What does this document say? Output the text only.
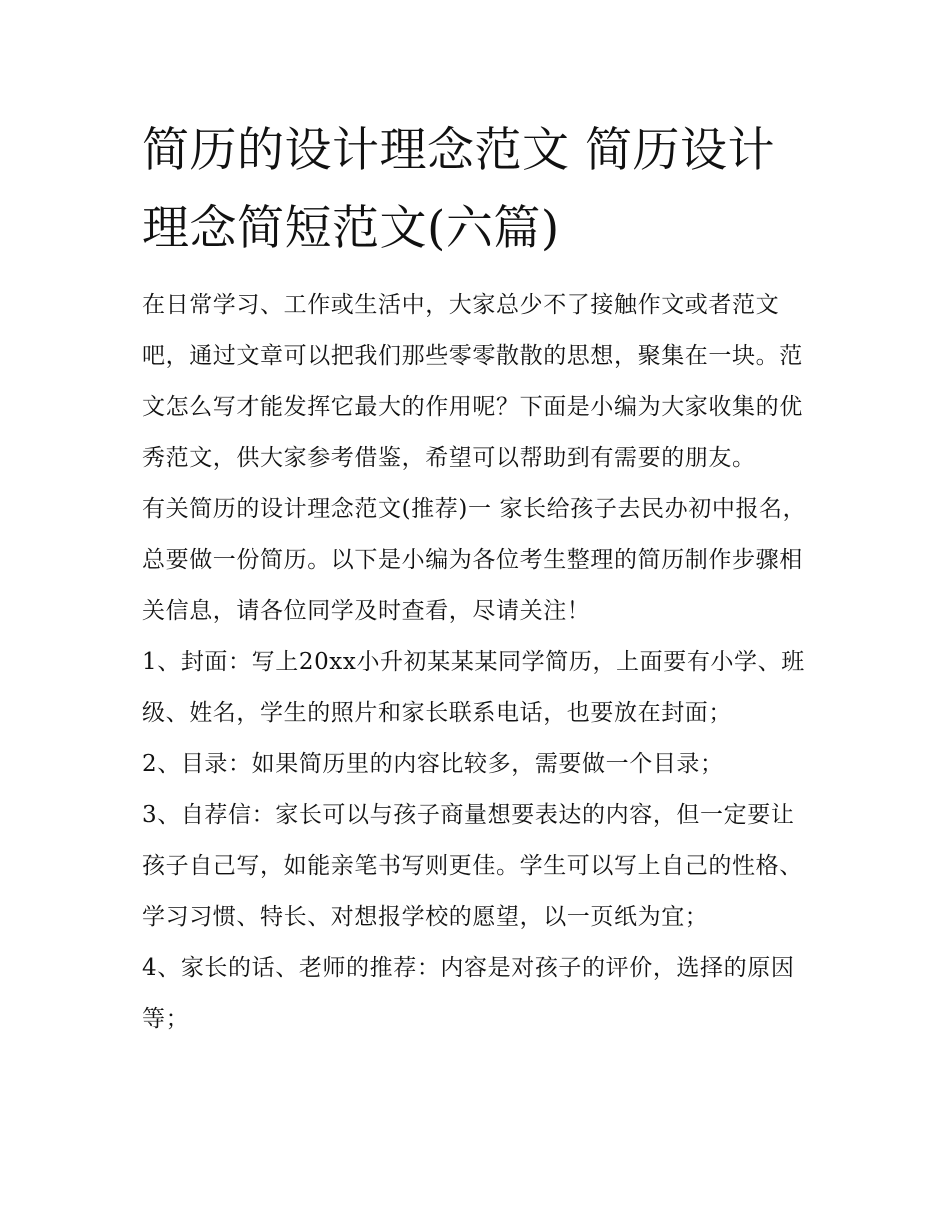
简历的设计理念范文 简历设计
理念简短范文(六篇)

在日常学习、工作或生活中，大家总少不了接触作文或者范文吧，通过文章可以把我们那些零零散散的思想，聚集在一块。范文怎么写才能发挥它最大的作用呢？下面是小编为大家收集的优秀范文，供大家参考借鉴，希望可以帮助到有需要的朋友。

有关简历的设计理念范文(推荐)一 家长给孩子去民办初中报名，总要做一份简历。以下是小编为各位考生整理的简历制作步骤相关信息，请各位同学及时查看，尽请关注！

1、封面：写上20xx小升初某某某同学简历，上面要有小学、班级、姓名，学生的照片和家长联系电话，也要放在封面；

2、目录：如果简历里的内容比较多，需要做一个目录；

3、自荐信：家长可以与孩子商量想要表达的内容，但一定要让孩子自己写，如能亲笔书写则更佳。学生可以写上自己的性格、学习习惯、特长、对想报学校的愿望，以一页纸为宜；

4、家长的话、老师的推荐：内容是对孩子的评价，选择的原因等；
